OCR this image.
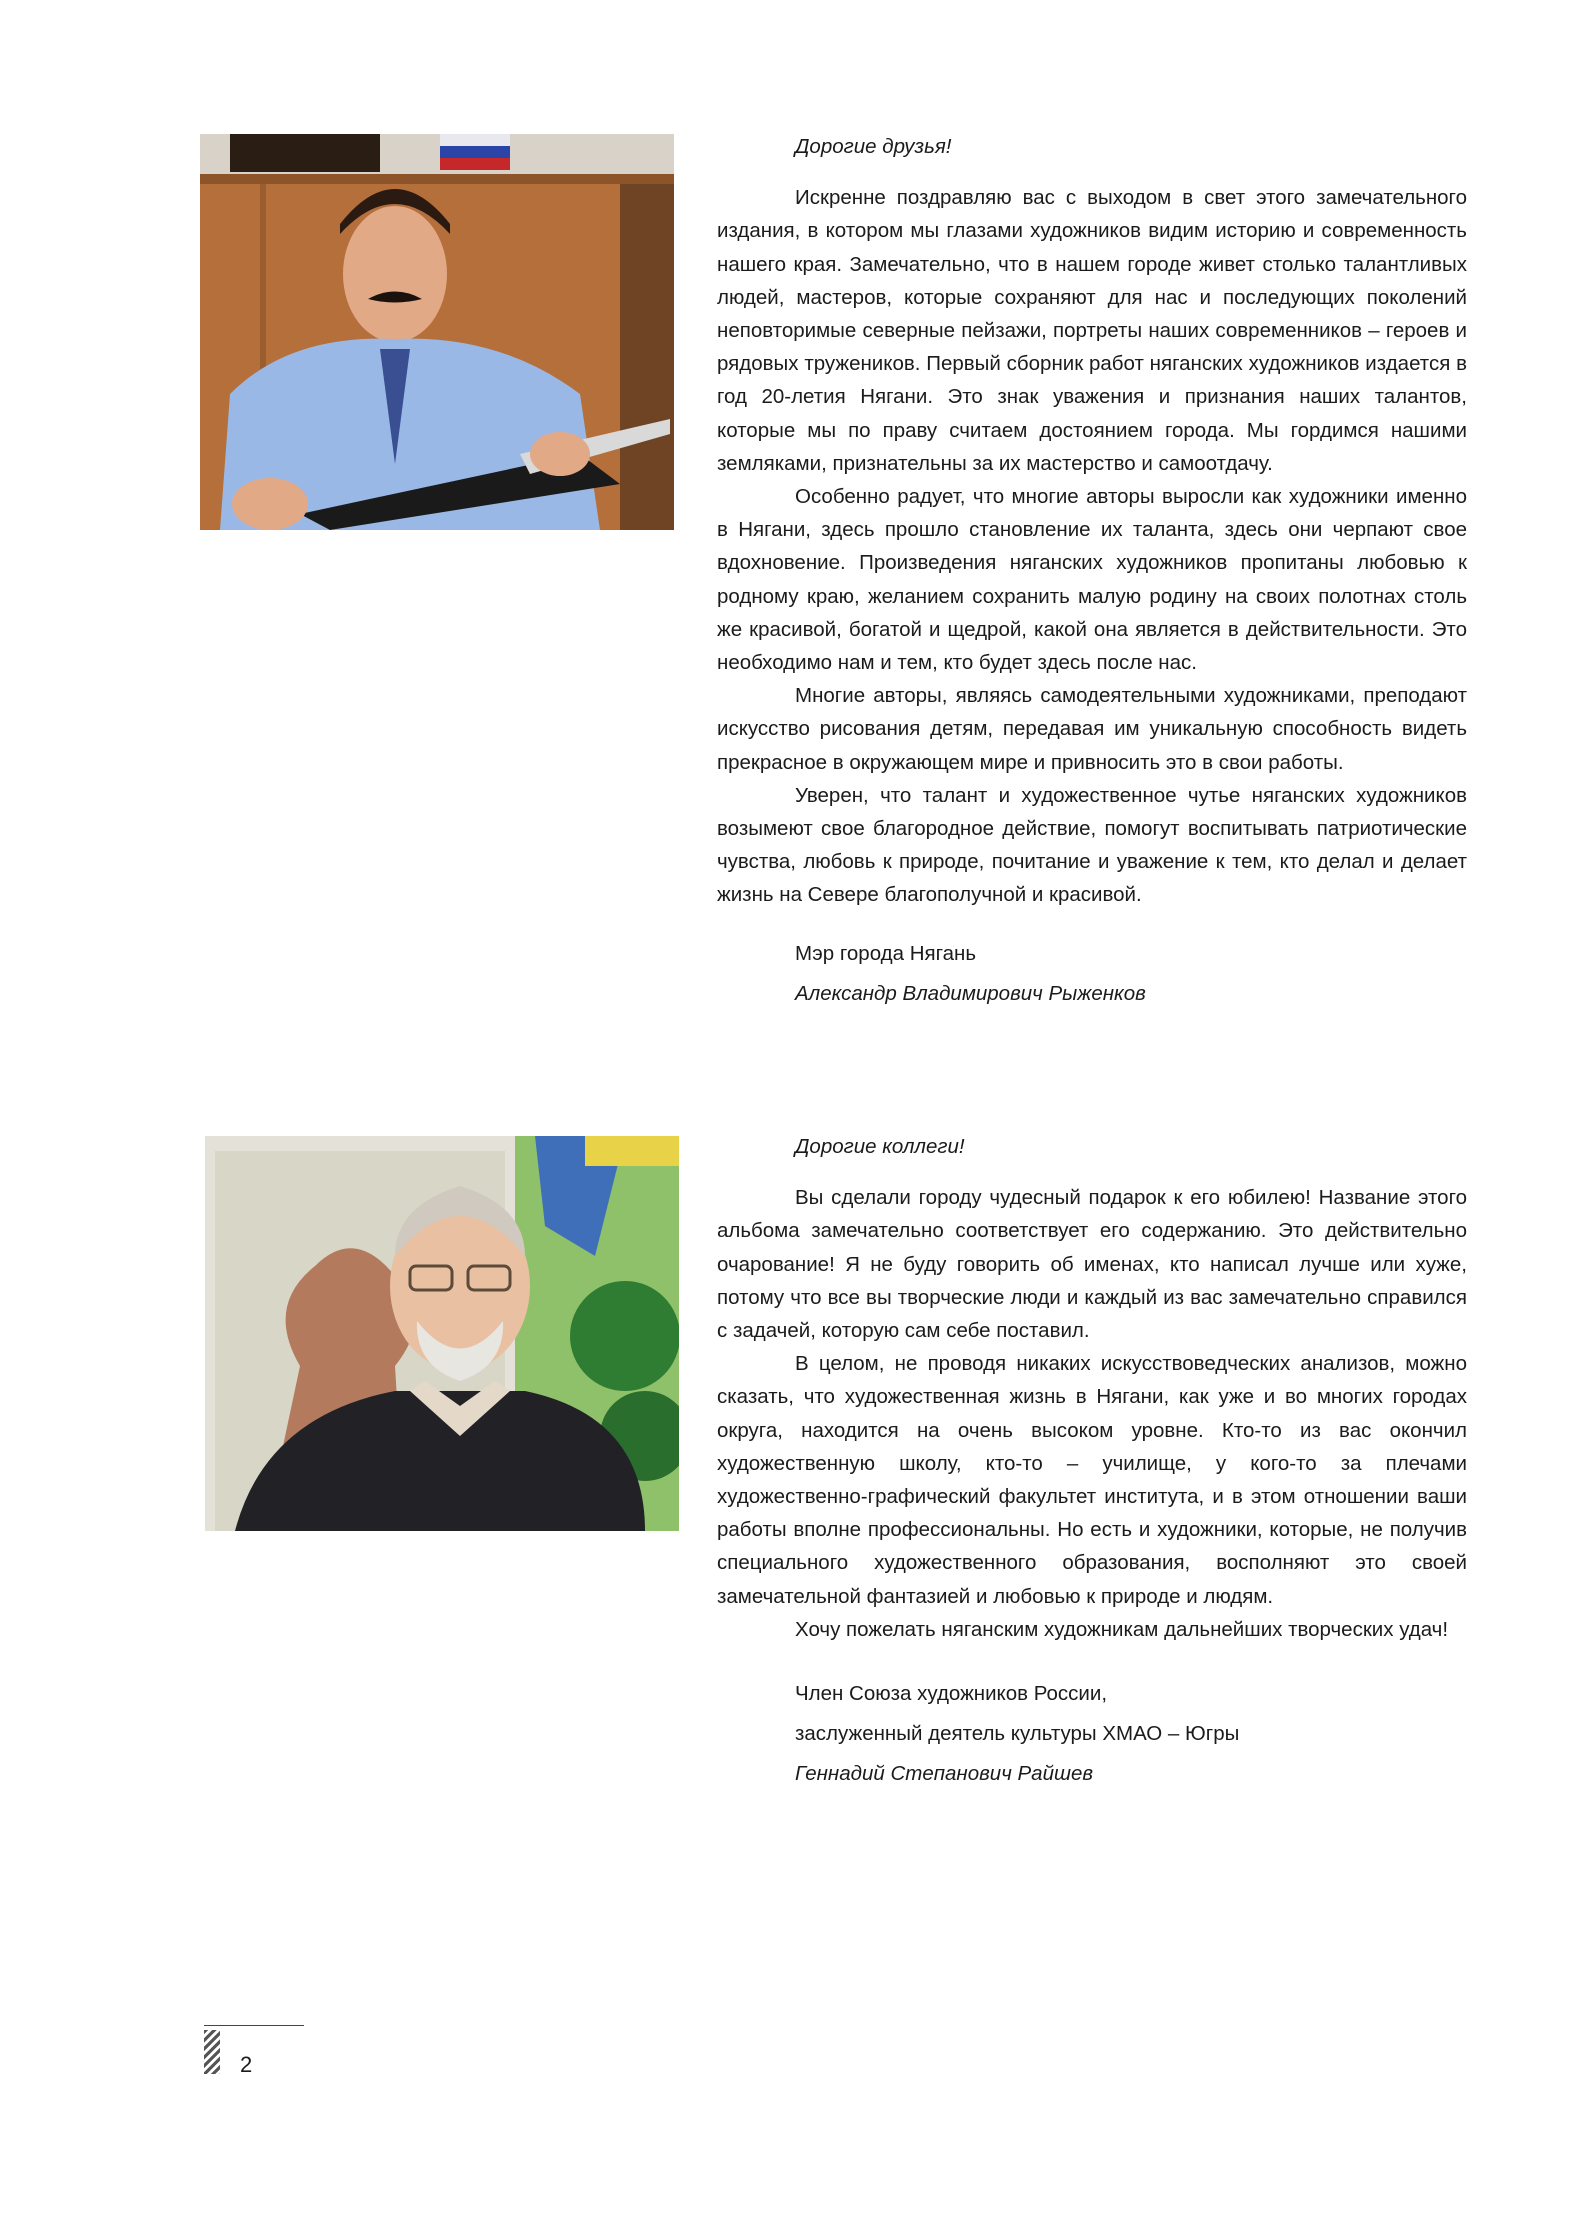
Дорогие друзья!

Искренне поздравляю вас с выходом в свет этого замечательного издания, в котором мы глазами художников видим историю и современность нашего края. Замечательно, что в нашем городе живет столько талантливых людей, мастеров, которые сохраняют для нас и последующих поколений неповторимые северные пейзажи, портреты наших современников – героев и рядовых тружеников. Первый сборник работ няганских художников издается в год 20-летия Нягани. Это знак уважения и признания наших талантов, которые мы по праву считаем достоянием города. Мы гордимся нашими земляками, признательны за их мастерство и самоотдачу.

Особенно радует, что многие авторы выросли как художники именно в Нягани, здесь прошло становление их таланта, здесь они черпают свое вдохновение. Произведения няганских художников пропитаны любовью к родному краю, желанием сохранить малую родину на своих полотнах столь же красивой, богатой и щедрой, какой она является в действительности. Это необходимо нам и тем, кто будет здесь после нас.

Многие авторы, являясь самодеятельными художниками, преподают искусство рисования детям, передавая им уникальную способность видеть прекрасное в окружающем мире и привносить это в свои работы.

Уверен, что талант и художественное чутье няганских художников возымеют свое благородное действие, помогут воспитывать патриотические чувства, любовь к природе, почитание и уважение к тем, кто делал и делает жизнь на Севере благополучной и красивой.

Мэр города Нягань
Александр Владимирович Рыженков

Дорогие коллеги!

Вы сделали городу чудесный подарок к его юбилею! Название этого альбома замечательно соответствует его содержанию. Это действительно очарование! Я не буду говорить об именах, кто написал лучше или хуже, потому что все вы творческие люди и каждый из вас замечательно справился с задачей, которую сам себе поставил.

В целом, не проводя никаких искусствоведческих анализов, можно сказать, что художественная жизнь в Нягани, как уже и во многих городах округа, находится на очень высоком уровне. Кто-то из вас окончил художественную школу, кто-то – училище, у кого-то за плечами художественно-графический факультет института, и в этом отношении ваши работы вполне профессиональны. Но есть и художники, которые, не получив специального художественного образования, восполняют это своей замечательной фантазией и любовью к природе и людям.

Хочу пожелать няганским художникам дальнейших творческих удач!

Член Союза художников России,
заслуженный деятель культуры ХМАО – Югры
Геннадий Степанович Райшев
2
